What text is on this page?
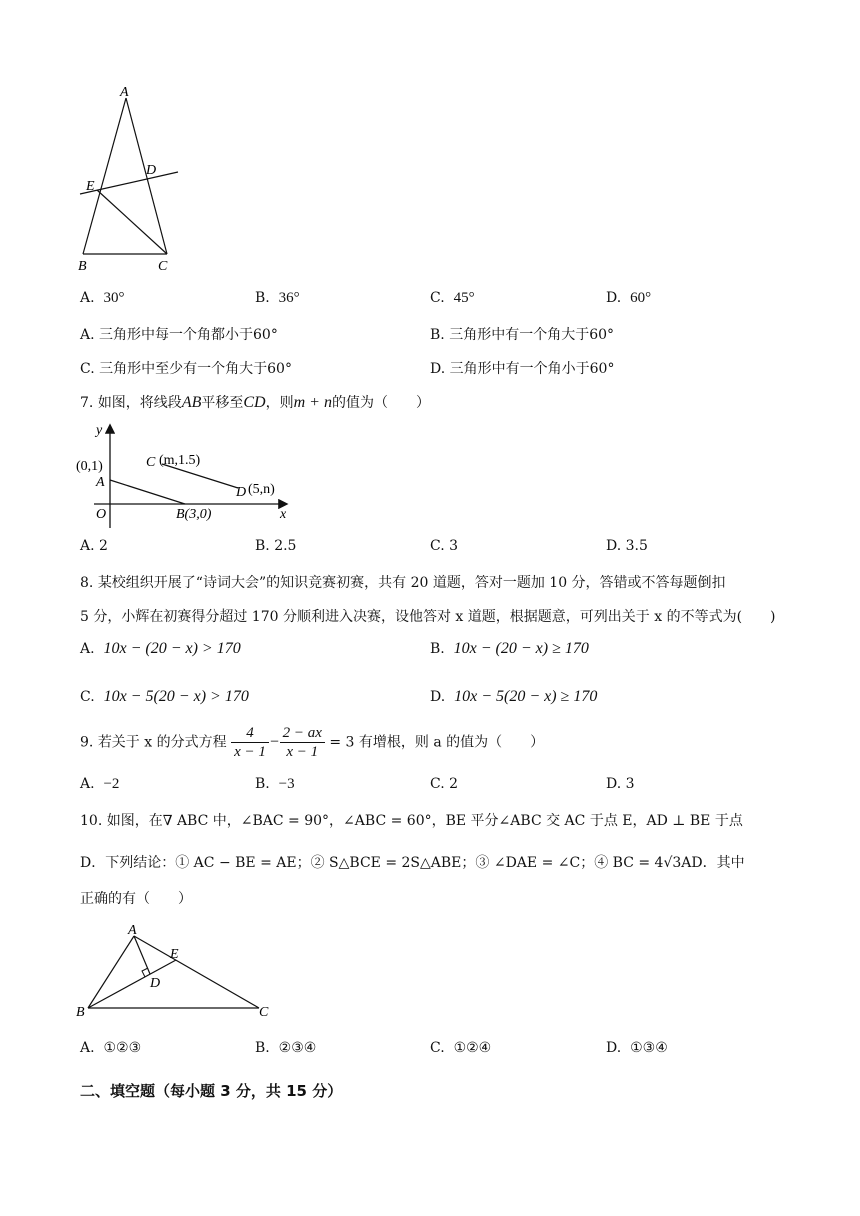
A
B	C
D
E
A. 30°	B. 36°	C. 45°	D. 60°
A. 三角形中每一个角都小于60°	B. 三角形中有一个角大于60°
C. 三角形中至少有一个角大于60°	D. 三角形中有一个角小于60°
7. 如图，将线段AB平移至CD，则m + n的值为（　　）
y
x
O
(0,1)
A
B(3,0)
C (m,1.5)
D (5,n)
A. 2	B. 2.5	C. 3	D. 3.5
8. 某校组织开展了“诗词大会”的知识竞赛初赛，共有 20 道题，答对一题加 10 分，答错或不答每题倒扣
5 分，小辉在初赛得分超过 170 分顺利进入决赛，设他答对 x 道题，根据题意，可列出关于 x 的不等式为(　　)
A. 10x − (20 − x) > 170	B. 10x − (20 − x) ≥ 170
C. 10x − 5(20 − x) > 170	D. 10x − 5(20 − x) ≥ 170
9. 若关于 x 的分式方程 $\frac{4}{x - 1} - \frac{2 - ax}{x - 1} = 3$ 有增根，则 a 的值为（　　）
A. −2	B. −3	C. 2	D. 3
10. 如图，在∇ ABC 中，∠BAC = 90°，∠ABC = 60°，BE 平分∠ABC 交 AC 于点 E，AD ⊥ BE 于点
D．下列结论：① AC − BE = AE；② S△BCE = 2S△ABE；③ ∠DAE = ∠C；④ BC = 4√3AD．其中
正确的有（　　）
A
B	C
D
E
A. ①②③	B. ②③④	C. ①②④	D. ①③④
二、填空题（每小题 3 分，共 15 分）
